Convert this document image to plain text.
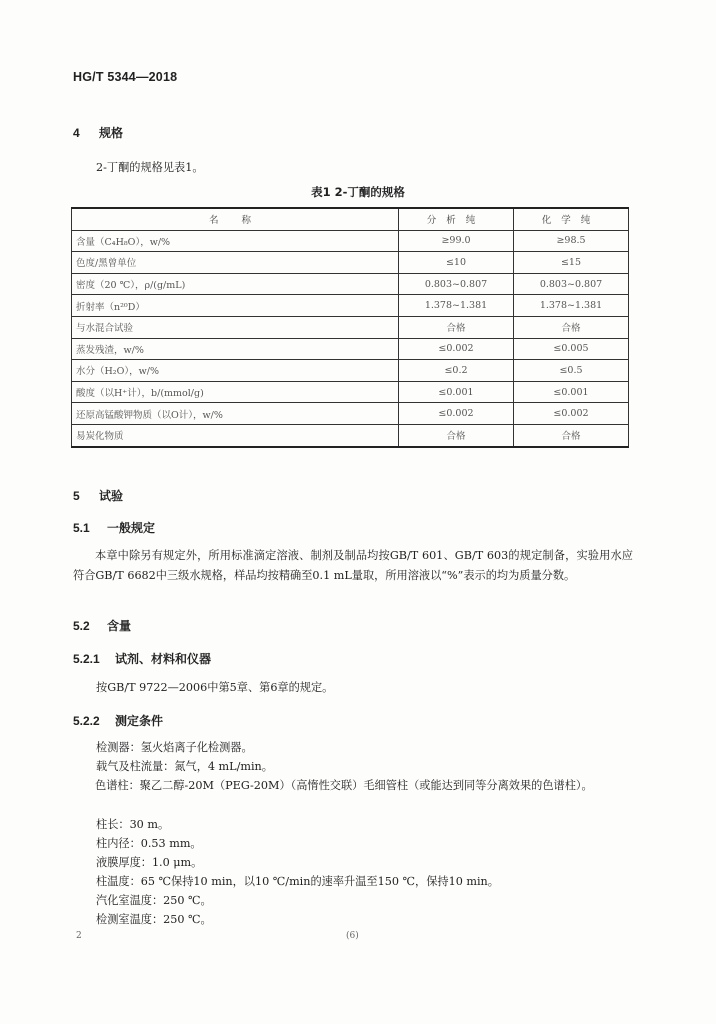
HG/T 5344—2018
4 规格
2-丁酮的规格见表1。
表1 2-丁酮的规格
名 称	分析纯	化学纯
含量（C₄H₈O），w/%	≥99.0	≥98.5
色度/黑曾单位	≤10	≤15
密度（20 ℃），ρ/(g/mL)	0.803~0.807	0.803~0.807
折射率（n²⁰D）	1.378~1.381	1.378~1.381
与水混合试验	合格	合格
蒸发残渣，w/%	≤0.002	≤0.005
水分（H₂O），w/%	≤0.2	≤0.5
酸度（以H⁺计），b/(mmol/g)	≤0.001	≤0.001
还原高锰酸钾物质（以O计），w/%	≤0.002	≤0.002
易炭化物质	合格	合格
5 试验
5.1 一般规定
本章中除另有规定外，所用标准滴定溶液、制剂及制品均按GB/T 601、GB/T 603的规定制备，实验用水应符合GB/T 6682中三级水规格，样品均按精确至0.1 mL量取，所用溶液以“%”表示的均为质量分数。
5.2 含量
5.2.1 试剂、材料和仪器
按GB/T 9722—2006中第5章、第6章的规定。
5.2.2 测定条件
检测器：氢火焰离子化检测器。
载气及柱流量：氮气，4 mL/min。
色谱柱：聚乙二醇-20M（PEG-20M）（高惰性交联）毛细管柱（或能达到同等分离效果的色谱柱）。
柱长：30 m。
柱内径：0.53 mm。
液膜厚度：1.0 μm。
柱温度：65 ℃保持10 min，以10 ℃/min的速率升温至150 ℃，保持10 min。
汽化室温度：250 ℃。
检测室温度：250 ℃。
2	(6)
